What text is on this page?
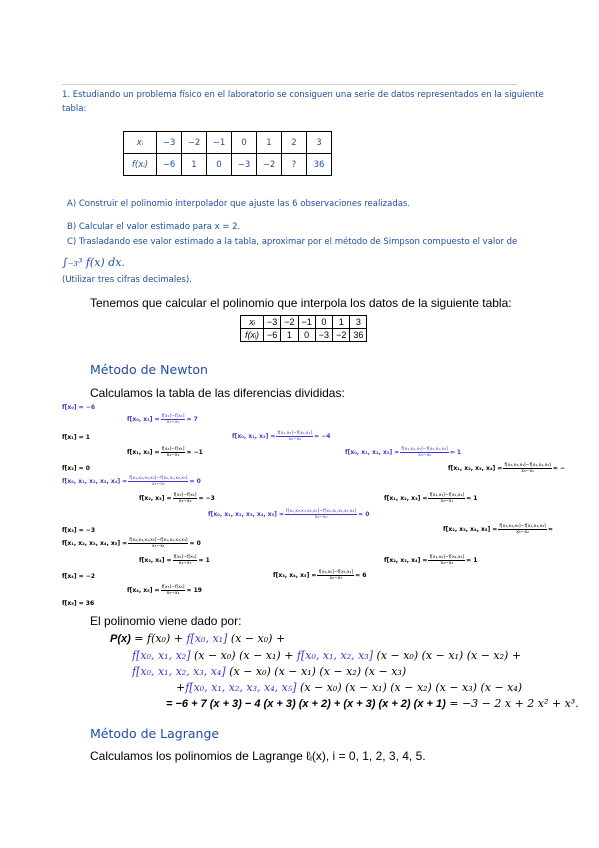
1. Estudiando un problema físico en el laboratorio se consiguen una serie de datos representados en la siguiente
tabla:
xᵢ	−3	−2	−1	0	1	2	3
f(xᵢ)	−6	1	0	−3	−2	?	36
A) Construir el polinomio interpolador que ajuste las 6 observaciones realizadas.
B) Calcular el valor estimado para x = 2.
C) Trasladando ese valor estimado a la tabla, aproximar por el método de Simpson compuesto el valor de
∫₋₃³ f(x) dx.
(Utilizar tres cifras decimales).
Tenemos que calcular el polinomio que interpola los datos de la siguiente tabla:
xᵢ	−3	−2	−1	0	1	3
f(xᵢ)	−6	1	0	−3	−2	36
Método de Newton
Calculamos la tabla de las diferencias divididas:
f[x₀] = −6
f[x₀, $x_1] = \frac{\text{f[x₁]−f[x₀]}}{\text{x₁−x₀}} = 7$
f[x₁] = 1	f[x₀, x₁, $x_2] = \frac{\text{f[x₁,x₂]−f[x₀,x₁]}}{\text{x₂−x₀}} = -4$
f[x₁, $x_2] = \frac{\text{f[x₂]−f[x₁]}}{\text{x₂−x₁}} = -1$	f[x₀, x₁, x₂, $x_3] = \frac{\text{f[x₁,x₂,x₃]−f[x₀,x₁,x₂]}}{\text{x₃−x₀}} = 1$
f[x₂] = 0	f[x₁, x₂, x₃, $x_4] = \frac{\text{f[x₂,x₃,x₄]−f[x₁,x₂,x₃]}}{\text{x₄−x₁}}$ = −
f[x₀, x₁, x₂, x₃, $x_4] = \frac{\text{f[x₁,x₂,x₃,x₄]−f[x₀,x₁,x₂,x₃]}}{\text{x₄−x₀}} = 0$
f[x₂, $x_3] = \frac{\text{f[x₃]−f[x₂]}}{\text{x₃−x₂}} = -3$	f[x₁, x₂, $x_3] = \frac{\text{f[x₂,x₃]−f[x₁,x₂]}}{\text{x₃−x₁}} = 1$
f[x₀, x₁, x₂, x₃, x₄, $x_5] = \frac{\text{f[x₁,x₂,x₃,x₄,x₅]−f[x₀,x₁,x₂,x₃,x₄]}}{\text{x₅−x₀}} = 0$
f[x₃] = −3	f[x₂, x₃, x₄, $x_5] = \frac{\text{f[x₃,x₄,x₅]−f[x₂,x₃,x₄]}}{\text{x₅−x₂}}$ =
f[x₁, x₂, x₃, x₄, $x_5] = \frac{\text{f[x₂,x₃,x₄,x₅]−f[x₁,x₂,x₃,x₄]}}{\text{x₅−x₁}} = 0$
f[x₃, $x_4] = \frac{\text{f[x₄]−f[x₃]}}{\text{x₄−x₃}} = 1$	f[x₂, x₃, $x_4] = \frac{\text{f[x₃,x₄]−f[x₂,x₃]}}{\text{x₄−x₂}} = 1$
f[x₄] = −2	f[x₃, x₄, $x_5] = \frac{\text{f[x₄,x₅]−f[x₃,x₄]}}{\text{x₅−x₃}} = 6$
f[x₄, $x_5] = \frac{\text{f[x₅]−f[x₄]}}{\text{x₅−x₄}} = 19$
f[x₅] = 36
El polinomio viene dado por:
P(x) = f(x₀) + f[x₀, x₁] (x − x₀) +
f[x₀, x₁, x₂] (x − x₀) (x − x₁) + f[x₀, x₁, x₂, x₃] (x − x₀) (x − x₁) (x − x₂) +
f[x₀, x₁, x₂, x₃, x₄] (x − x₀) (x − x₁) (x − x₂) (x − x₃)
+f[x₀, x₁, x₂, x₃, x₄, x₅] (x − x₀) (x − x₁) (x − x₂) (x − x₃) (x − x₄)
= −6 + 7 (x + 3) − 4 (x + 3) (x + 2) + (x + 3) (x + 2) (x + 1) = −3 − 2 x + 2 x² + x³.
Método de Lagrange
Calculamos los polinomios de Lagrange ℓᵢ(x), i = 0, 1, 2, 3, 4, 5.
